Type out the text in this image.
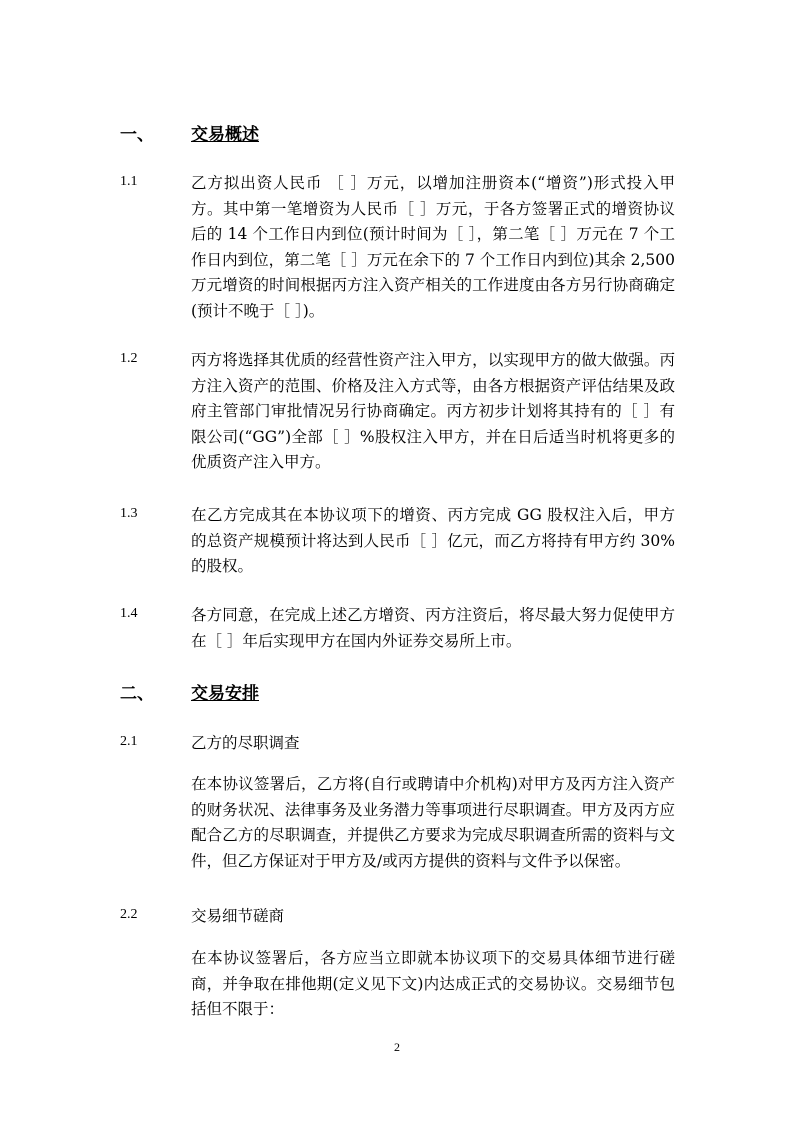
一、 交易概述
1.1	乙方拟出资人民币 ［ ］万元，以增加注册资本(“增资”)形式投入甲方。其中第一笔增资为人民币［ ］万元，于各方签署正式的增资协议后的 14 个工作日内到位(预计时间为［ ］，第二笔［ ］万元在 7 个工作日内到位，第二笔［ ］万元在余下的 7 个工作日内到位)其余 2,500 万元增资的时间根据丙方注入资产相关的工作进度由各方另行协商确定(预计不晚于［ ］)。
1.2	丙方将选择其优质的经营性资产注入甲方，以实现甲方的做大做强。丙方注入资产的范围、价格及注入方式等，由各方根据资产评估结果及政府主管部门审批情况另行协商确定。丙方初步计划将其持有的［ ］有限公司(“GG”)全部［ ］%股权注入甲方，并在日后适当时机将更多的优质资产注入甲方。
1.3	在乙方完成其在本协议项下的增资、丙方完成 GG 股权注入后，甲方的总资产规模预计将达到人民币［ ］亿元，而乙方将持有甲方约 30%的股权。
1.4	各方同意，在完成上述乙方增资、丙方注资后，将尽最大努力促使甲方在［ ］年后实现甲方在国内外证券交易所上市。
二、 交易安排
2.1	乙方的尽职调查
在本协议签署后，乙方将(自行或聘请中介机构)对甲方及丙方注入资产的财务状况、法律事务及业务潜力等事项进行尽职调查。甲方及丙方应配合乙方的尽职调查，并提供乙方要求为完成尽职调查所需的资料与文件，但乙方保证对于甲方及/或丙方提供的资料与文件予以保密。
2.2	交易细节磋商
在本协议签署后，各方应当立即就本协议项下的交易具体细节进行磋商，并争取在排他期(定义见下文)内达成正式的交易协议。交易细节包括但不限于：
2
